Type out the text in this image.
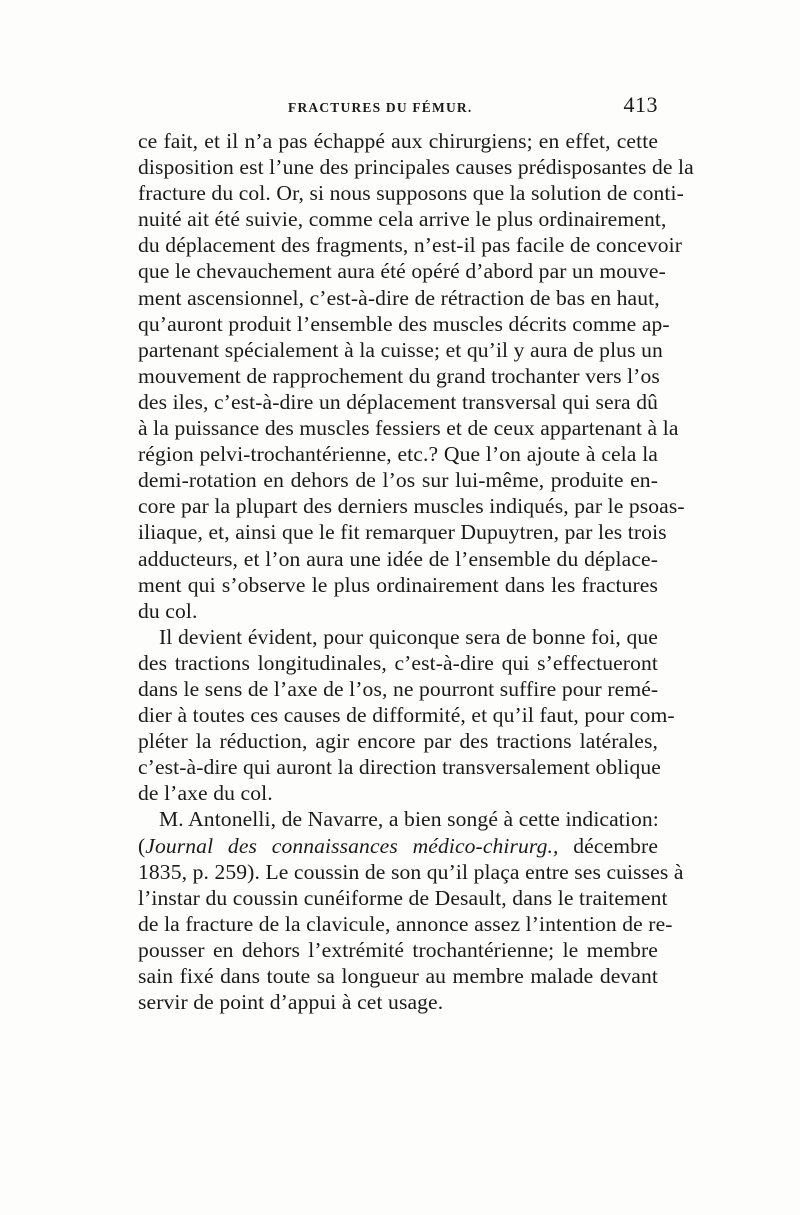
FRACTURES DU FÉMUR.	413
ce fait, et il n’a pas échappé aux chirurgiens; en effet, cette
disposition est l’une des principales causes prédisposantes de la
fracture du col. Or, si nous supposons que la solution de conti-
nuité ait été suivie, comme cela arrive le plus ordinairement,
du déplacement des fragments, n’est-il pas facile de concevoir
que le chevauchement aura été opéré d’abord par un mouve-
ment ascensionnel, c’est-à-dire de rétraction de bas en haut,
qu’auront produit l’ensemble des muscles décrits comme ap-
partenant spécialement à la cuisse; et qu’il y aura de plus un
mouvement de rapprochement du grand trochanter vers l’os
des iles, c’est-à-dire un déplacement transversal qui sera dû
à la puissance des muscles fessiers et de ceux appartenant à la
région pelvi-trochantérienne, etc.? Que l’on ajoute à cela la
demi-rotation en dehors de l’os sur lui-même, produite en-
core par la plupart des derniers muscles indiqués, par le psoas-
iliaque, et, ainsi que le fit remarquer Dupuytren, par les trois
adducteurs, et l’on aura une idée de l’ensemble du déplace-
ment qui s’observe le plus ordinairement dans les fractures
du col.
Il devient évident, pour quiconque sera de bonne foi, que
des tractions longitudinales, c’est-à-dire qui s’effectueront
dans le sens de l’axe de l’os, ne pourront suffire pour remé-
dier à toutes ces causes de difformité, et qu’il faut, pour com-
pléter la réduction, agir encore par des tractions latérales,
c’est-à-dire qui auront la direction transversalement oblique
de l’axe du col.
M. Antonelli, de Navarre, a bien songé à cette indication:
(Journal des connaissances médico-chirurg., décembre
1835, p. 259). Le coussin de son qu’il plaça entre ses cuisses à
l’instar du coussin cunéiforme de Desault, dans le traitement
de la fracture de la clavicule, annonce assez l’intention de re-
pousser en dehors l’extrémité trochantérienne; le membre
sain fixé dans toute sa longueur au membre malade devant
servir de point d’appui à cet usage.
